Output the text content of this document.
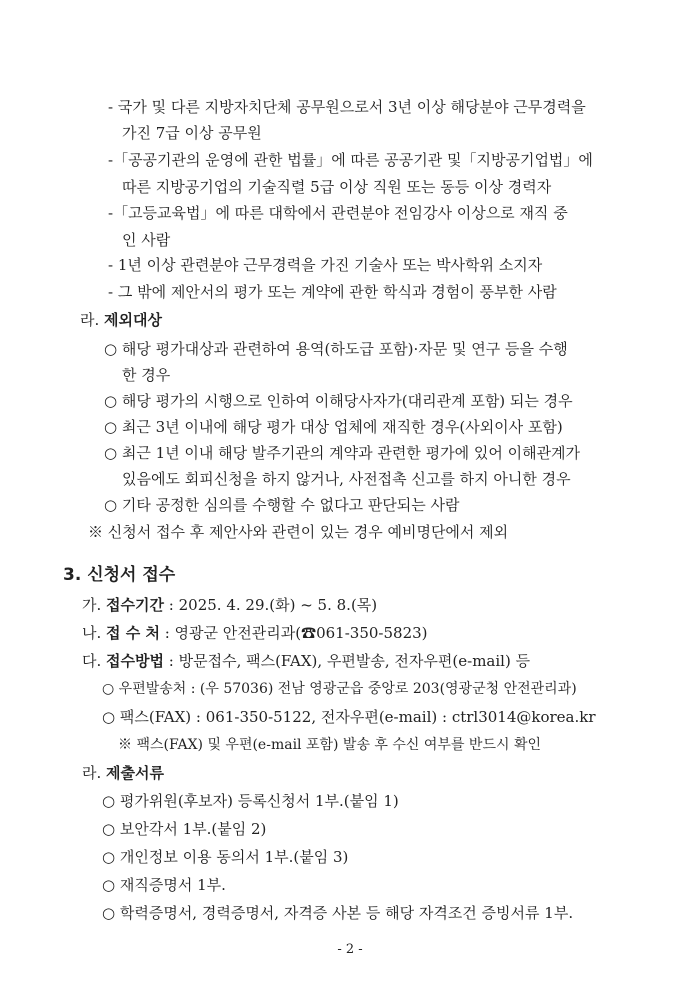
- 국가 및 다른 지방자치단체 공무원으로서 3년 이상 해당분야 근무경력을
가진 7급 이상 공무원
-「공공기관의 운영에 관한 법률」에 따른 공공기관 및「지방공기업법」에
따른 지방공기업의 기술직렬 5급 이상 직원 또는 동등 이상 경력자
-「고등교육법」에 따른 대학에서 관련분야 전임강사 이상으로 재직 중
인 사람
- 1년 이상 관련분야 근무경력을 가진 기술사 또는 박사학위 소지자
- 그 밖에 제안서의 평가 또는 계약에 관한 학식과 경험이 풍부한 사람
라. 제외대상
○ 해당 평가대상과 관련하여 용역(하도급 포함)·자문 및 연구 등을 수행
한 경우
○ 해당 평가의 시행으로 인하여 이해당사자가(대리관계 포함) 되는 경우
○ 최근 3년 이내에 해당 평가 대상 업체에 재직한 경우(사외이사 포함)
○ 최근 1년 이내 해당 발주기관의 계약과 관련한 평가에 있어 이해관계가
있음에도 회피신청을 하지 않거나, 사전접촉 신고를 하지 아니한 경우
○ 기타 공정한 심의를 수행할 수 없다고 판단되는 사람
※ 신청서 접수 후 제안사와 관련이 있는 경우 예비명단에서 제외
3. 신청서 접수
가. 접수기간 : 2025. 4. 29.(화) ~ 5. 8.(목)
나. 접 수 처 : 영광군 안전관리과(☎061-350-5823)
다. 접수방법 : 방문접수, 팩스(FAX), 우편발송, 전자우편(e-mail) 등
○ 우편발송처 : (우 57036) 전남 영광군읍 중앙로 203(영광군청 안전관리과)
○ 팩스(FAX) : 061-350-5122, 전자우편(e-mail) : ctrl3014@korea.kr
※ 팩스(FAX) 및 우편(e-mail 포함) 발송 후 수신 여부를 반드시 확인
라. 제출서류
○ 평가위원(후보자) 등록신청서 1부.(붙임 1)
○ 보안각서 1부.(붙임 2)
○ 개인정보 이용 동의서 1부.(붙임 3)
○ 재직증명서 1부.
○ 학력증명서, 경력증명서, 자격증 사본 등 해당 자격조건 증빙서류 1부.
- 2 -
